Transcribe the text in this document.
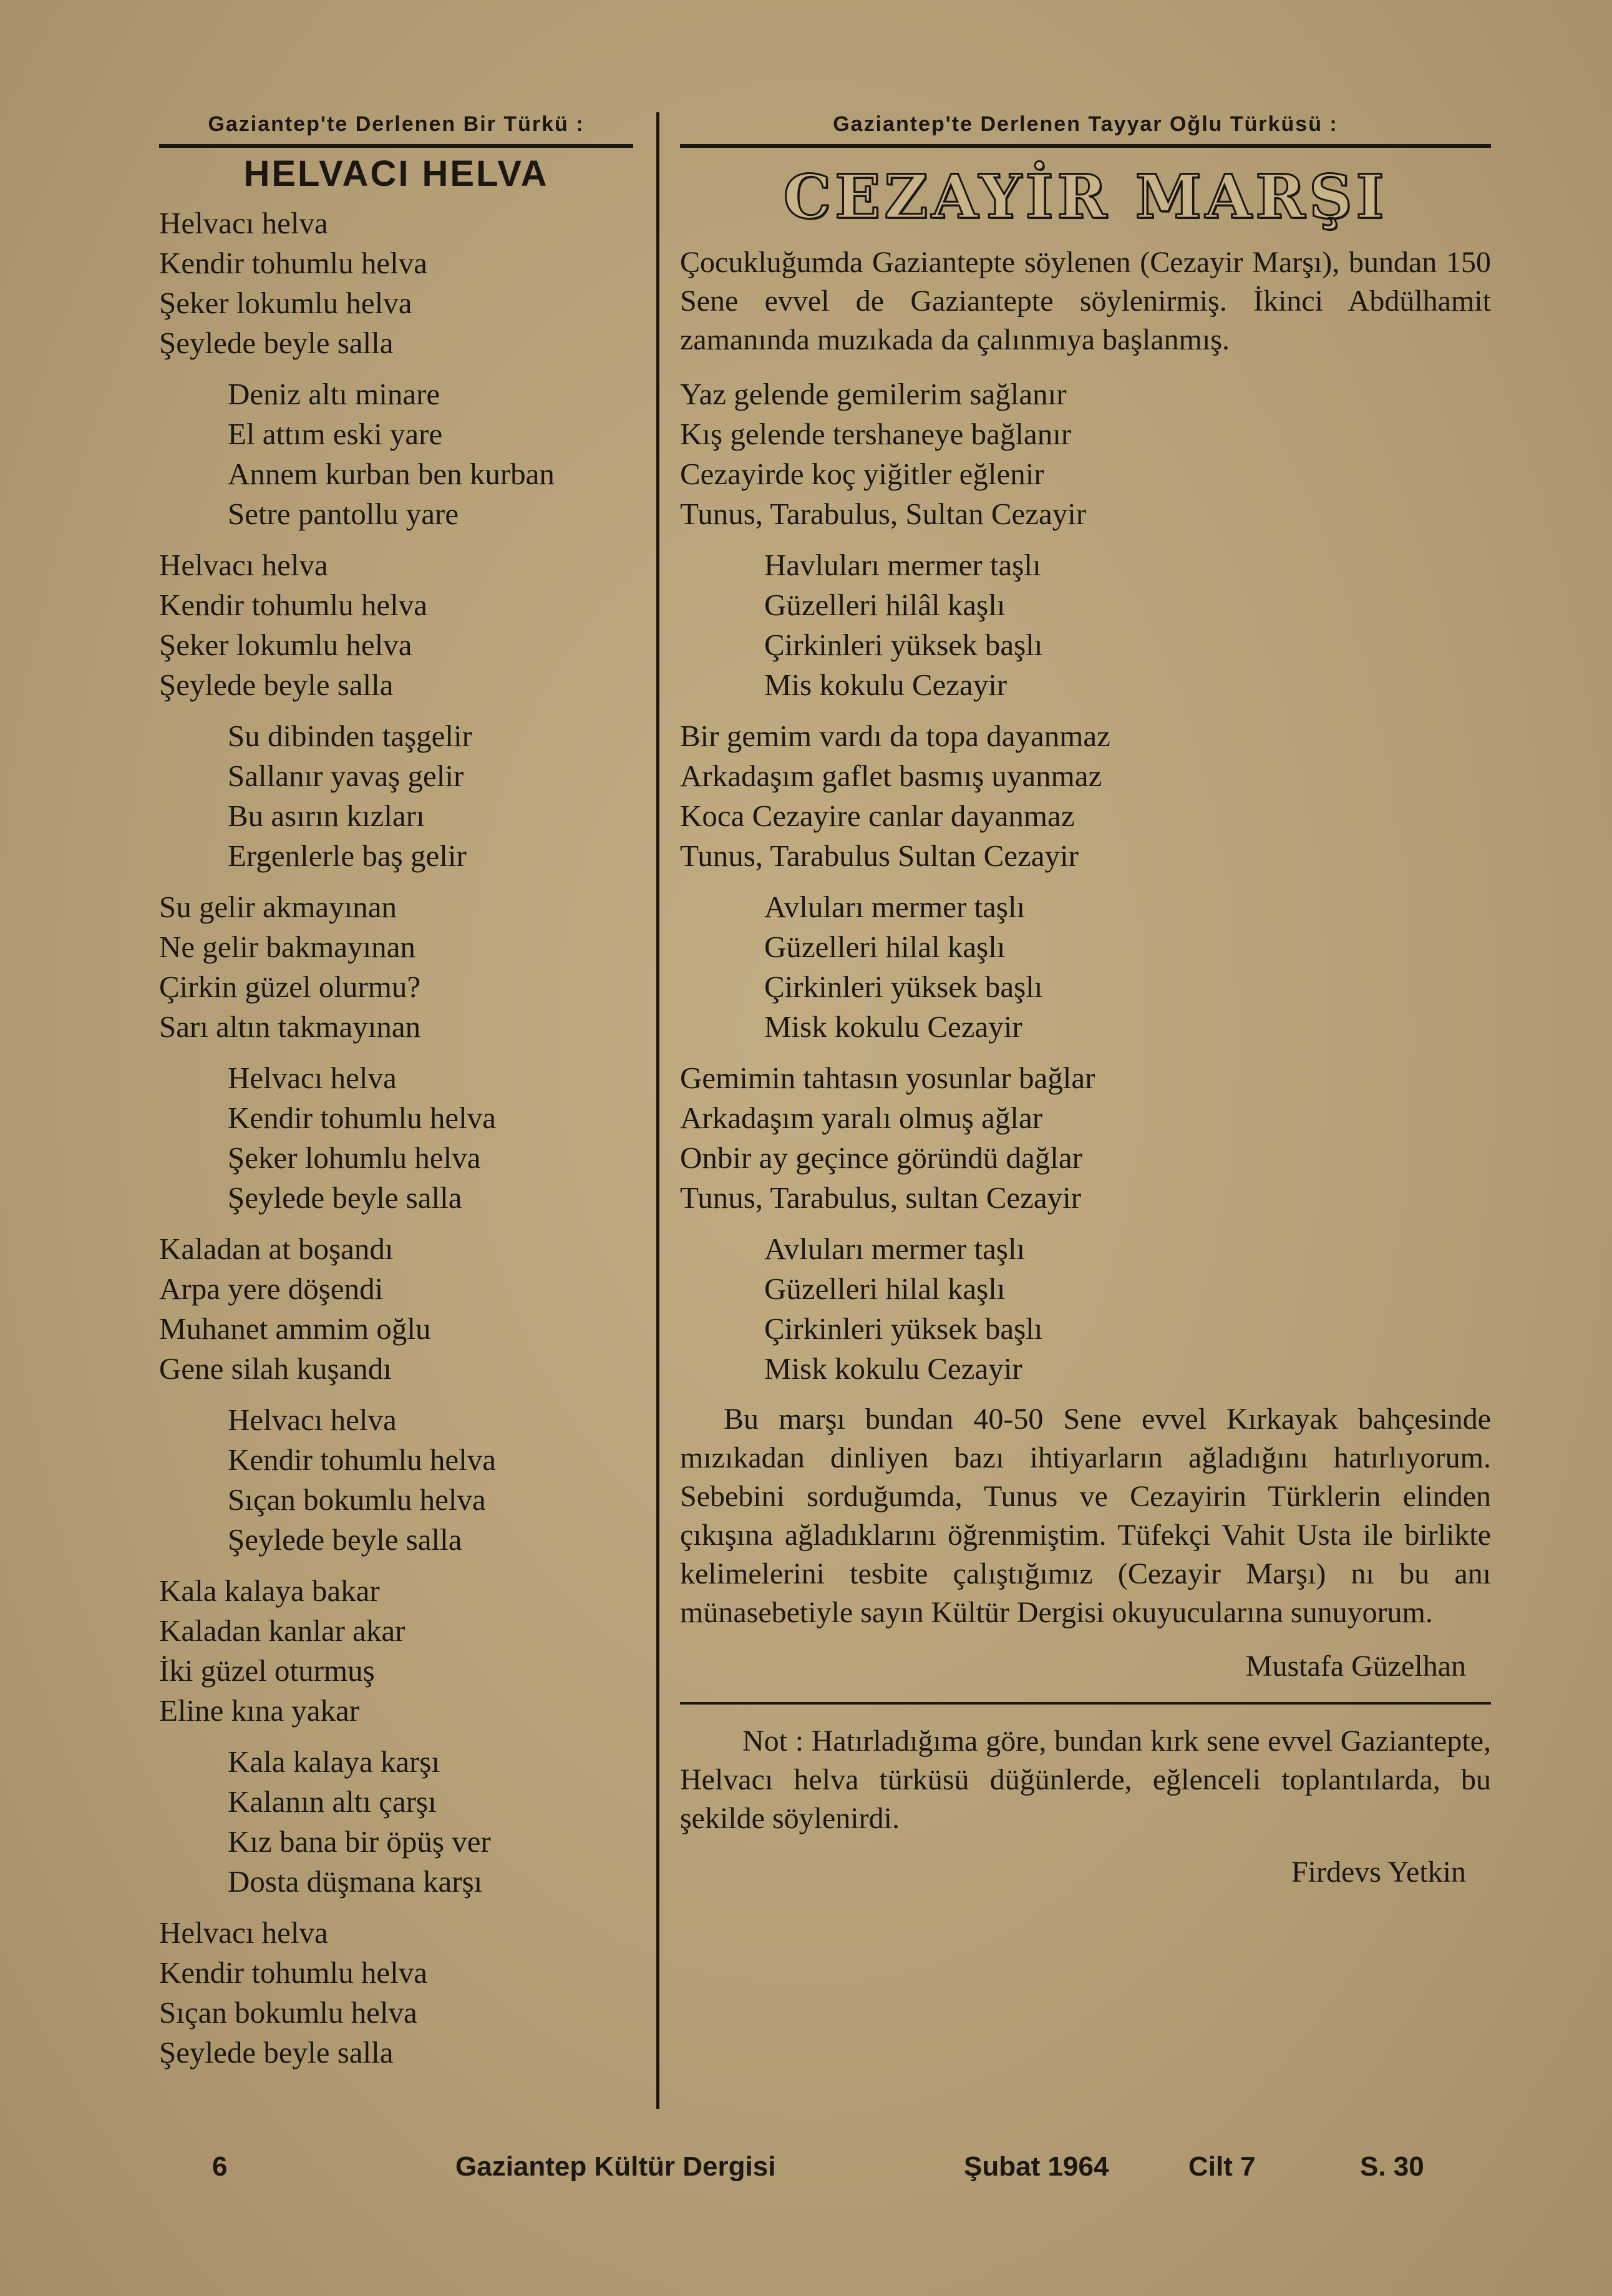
Gaziantep'te Derlenen Bir Türkü :
HELVACI HELVA
Helvacı helva
Kendir tohumlu helva
Şeker lokumlu helva
Şeylede beyle salla
Deniz altı minare
El attım eski yare
Annem kurban ben kurban
Setre pantollu yare
Helvacı helva
Kendir tohumlu helva
Şeker lokumlu helva
Şeylede beyle salla
Su dibinden taşgelir
Sallanır yavaş gelir
Bu asırın kızları
Ergenlerle baş gelir
Su gelir akmayınan
Ne gelir bakmayınan
Çirkin güzel olurmu?
Sarı altın takmayınan
Helvacı helva
Kendir tohumlu helva
Şeker lohumlu helva
Şeylede beyle salla
Kaladan at boşandı
Arpa yere döşendi
Muhanet ammim oğlu
Gene silah kuşandı
Helvacı helva
Kendir tohumlu helva
Sıçan bokumlu helva
Şeylede beyle salla
Kala kalaya bakar
Kaladan kanlar akar
İki güzel oturmuş
Eline kına yakar
Kala kalaya karşı
Kalanın altı çarşı
Kız bana bir öpüş ver
Dosta düşmana karşı
Helvacı helva
Kendir tohumlu helva
Sıçan bokumlu helva
Şeylede beyle salla
Gaziantep'te Derlenen Tayyar Oğlu Türküsü :
CEZAYİR MARŞI

Çocukluğumda Gaziantepte söylenen (Cezayir Marşı), bundan 150 Sene evvel de Gaziantepte söylenirmiş. İkinci Abdülhamit zamanında muzıkada da çalınmıya başlanmış.

Yaz gelende gemilerim sağlanır
Kış gelende tershaneye bağlanır
Cezayirde koç yiğitler eğlenir
Tunus, Tarabulus, Sultan Cezayir
Havluları mermer taşlı
Güzelleri hilâl kaşlı
Çirkinleri yüksek başlı
Mis kokulu Cezayir
Bir gemim vardı da topa dayanmaz
Arkadaşım gaflet basmış uyanmaz
Koca Cezayire canlar dayanmaz
Tunus, Tarabulus Sultan Cezayir
Avluları mermer taşlı
Güzelleri hilal kaşlı
Çirkinleri yüksek başlı
Misk kokulu Cezayir
Gemimin tahtasın yosunlar bağlar
Arkadaşım yaralı olmuş ağlar
Onbir ay geçince göründü dağlar
Tunus, Tarabulus, sultan Cezayir
Avluları mermer taşlı
Güzelleri hilal kaşlı
Çirkinleri yüksek başlı
Misk kokulu Cezayir

Bu marşı bundan 40-50 Sene evvel Kırkayak bahçesinde mızıkadan dinliyen bazı ihtiyarların ağladığını hatırlıyorum. Sebebini sorduğumda, Tunus ve Cezayirin Türklerin elinden çıkışına ağladıklarını öğrenmiştim. Tüfekçi Vahit Usta ile birlikte kelimelerini tesbite çalıştığımız (Cezayir Marşı) nı bu anı münasebetiyle sayın Kültür Dergisi okuyucularına sunuyorum.

Mustafa Güzelhan

Not : Hatırladığıma göre, bundan kırk sene evvel Gaziantepte, Helvacı helva türküsü düğünlerde, eğlenceli toplantılarda, bu şekilde söylenirdi.

Firdevs Yetkin
6	Gaziantep Kültür Dergisi	Şubat 1964	Cilt 7	S. 30
